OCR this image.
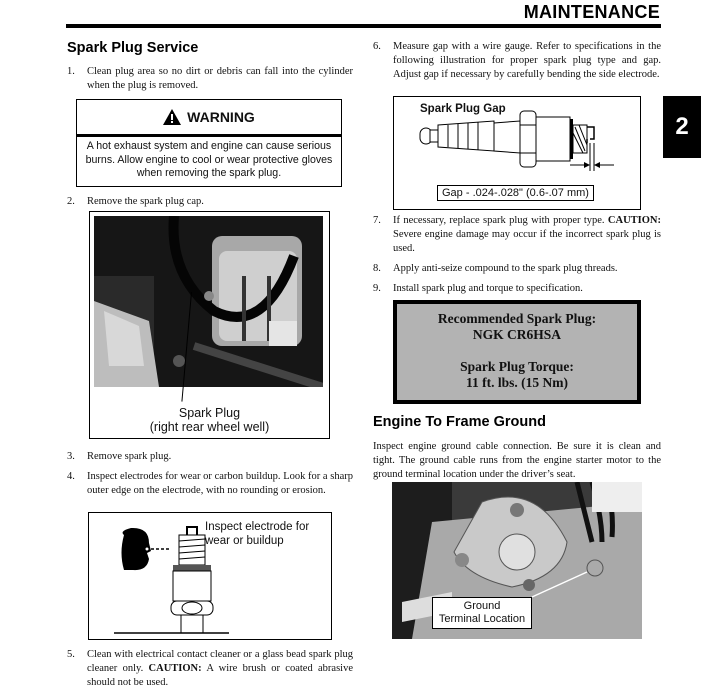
MAINTENANCE
2
Spark Plug Service
1. Clean plug area so no dirt or debris can fall into the cylinder when the plug is removed.
WARNING
A hot exhaust system and engine can cause serious burns. Allow engine to cool or wear protective gloves when removing the spark plug.
2. Remove the spark plug cap.
Spark Plug
(right rear wheel well)
3. Remove spark plug.
4. Inspect electrodes for wear or carbon buildup. Look for a sharp outer edge on the electrode, with no rounding or erosion.
Inspect electrode for
wear or buildup
5. Clean with electrical contact cleaner or a glass bead spark plug cleaner only. CAUTION: A wire brush or coated abrasive should not be used.
6. Measure gap with a wire gauge. Refer to specifications in the following illustration for proper spark plug type and gap. Adjust gap if necessary by carefully bending the side electrode.
Spark Plug Gap
Gap - .024-.028" (0.6-.07 mm)
7. If necessary, replace spark plug with proper type. CAUTION: Severe engine damage may occur if the incorrect spark plug is used.
8. Apply anti-seize compound to the spark plug threads.
9. Install spark plug and torque to specification.
Recommended Spark Plug:
NGK CR6HSA
Spark Plug Torque:
11 ft. lbs. (15 Nm)
Engine To Frame Ground
Inspect engine ground cable connection. Be sure it is clean and tight. The ground cable runs from the engine starter motor to the ground terminal location under the driver’s seat.
Ground
Terminal Location
